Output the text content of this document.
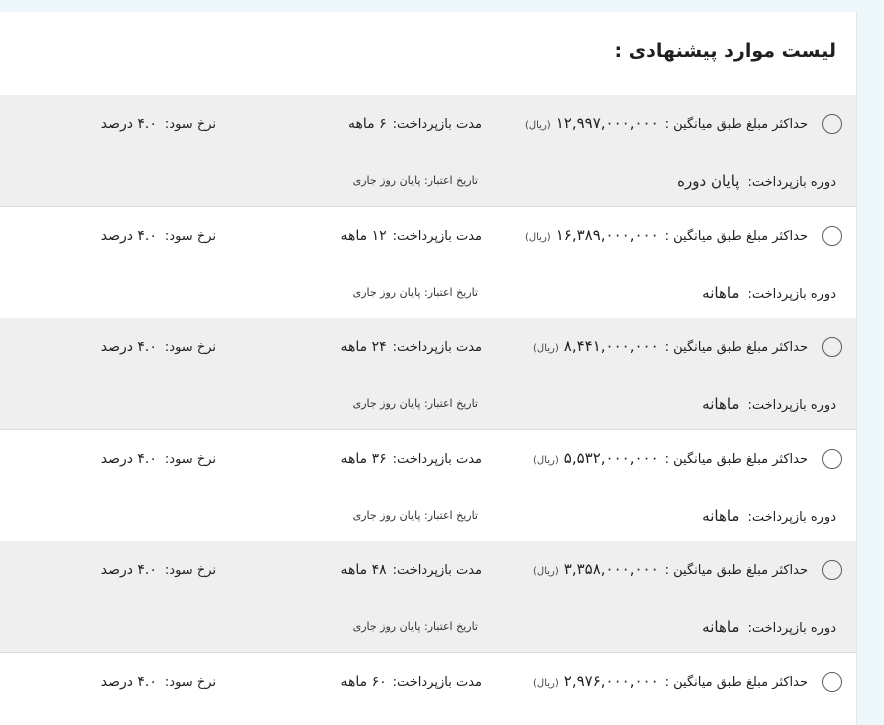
لیست موارد پیشنهادی :
حداکثر مبلغ طبق میانگین :۱۲,۹۹۷,۰۰۰,۰۰۰(ریال)
مدت بازپرداخت:۶ ماهه
نرخ سود:۴.۰ درصد
دوره بازپرداخت:پایان دوره
تاریخ اعتبار: پایان روز جاری
حداکثر مبلغ طبق میانگین :۱۶,۳۸۹,۰۰۰,۰۰۰(ریال)
مدت بازپرداخت:۱۲ ماهه
نرخ سود:۴.۰ درصد
دوره بازپرداخت:ماهانه
تاریخ اعتبار: پایان روز جاری
حداکثر مبلغ طبق میانگین :۸,۴۴۱,۰۰۰,۰۰۰(ریال)
مدت بازپرداخت:۲۴ ماهه
نرخ سود:۴.۰ درصد
دوره بازپرداخت:ماهانه
تاریخ اعتبار: پایان روز جاری
حداکثر مبلغ طبق میانگین :۵,۵۳۲,۰۰۰,۰۰۰(ریال)
مدت بازپرداخت:۳۶ ماهه
نرخ سود:۴.۰ درصد
دوره بازپرداخت:ماهانه
تاریخ اعتبار: پایان روز جاری
حداکثر مبلغ طبق میانگین :۳,۳۵۸,۰۰۰,۰۰۰(ریال)
مدت بازپرداخت:۴۸ ماهه
نرخ سود:۴.۰ درصد
دوره بازپرداخت:ماهانه
تاریخ اعتبار: پایان روز جاری
حداکثر مبلغ طبق میانگین :۲,۹۷۶,۰۰۰,۰۰۰(ریال)
مدت بازپرداخت:۶۰ ماهه
نرخ سود:۴.۰ درصد
